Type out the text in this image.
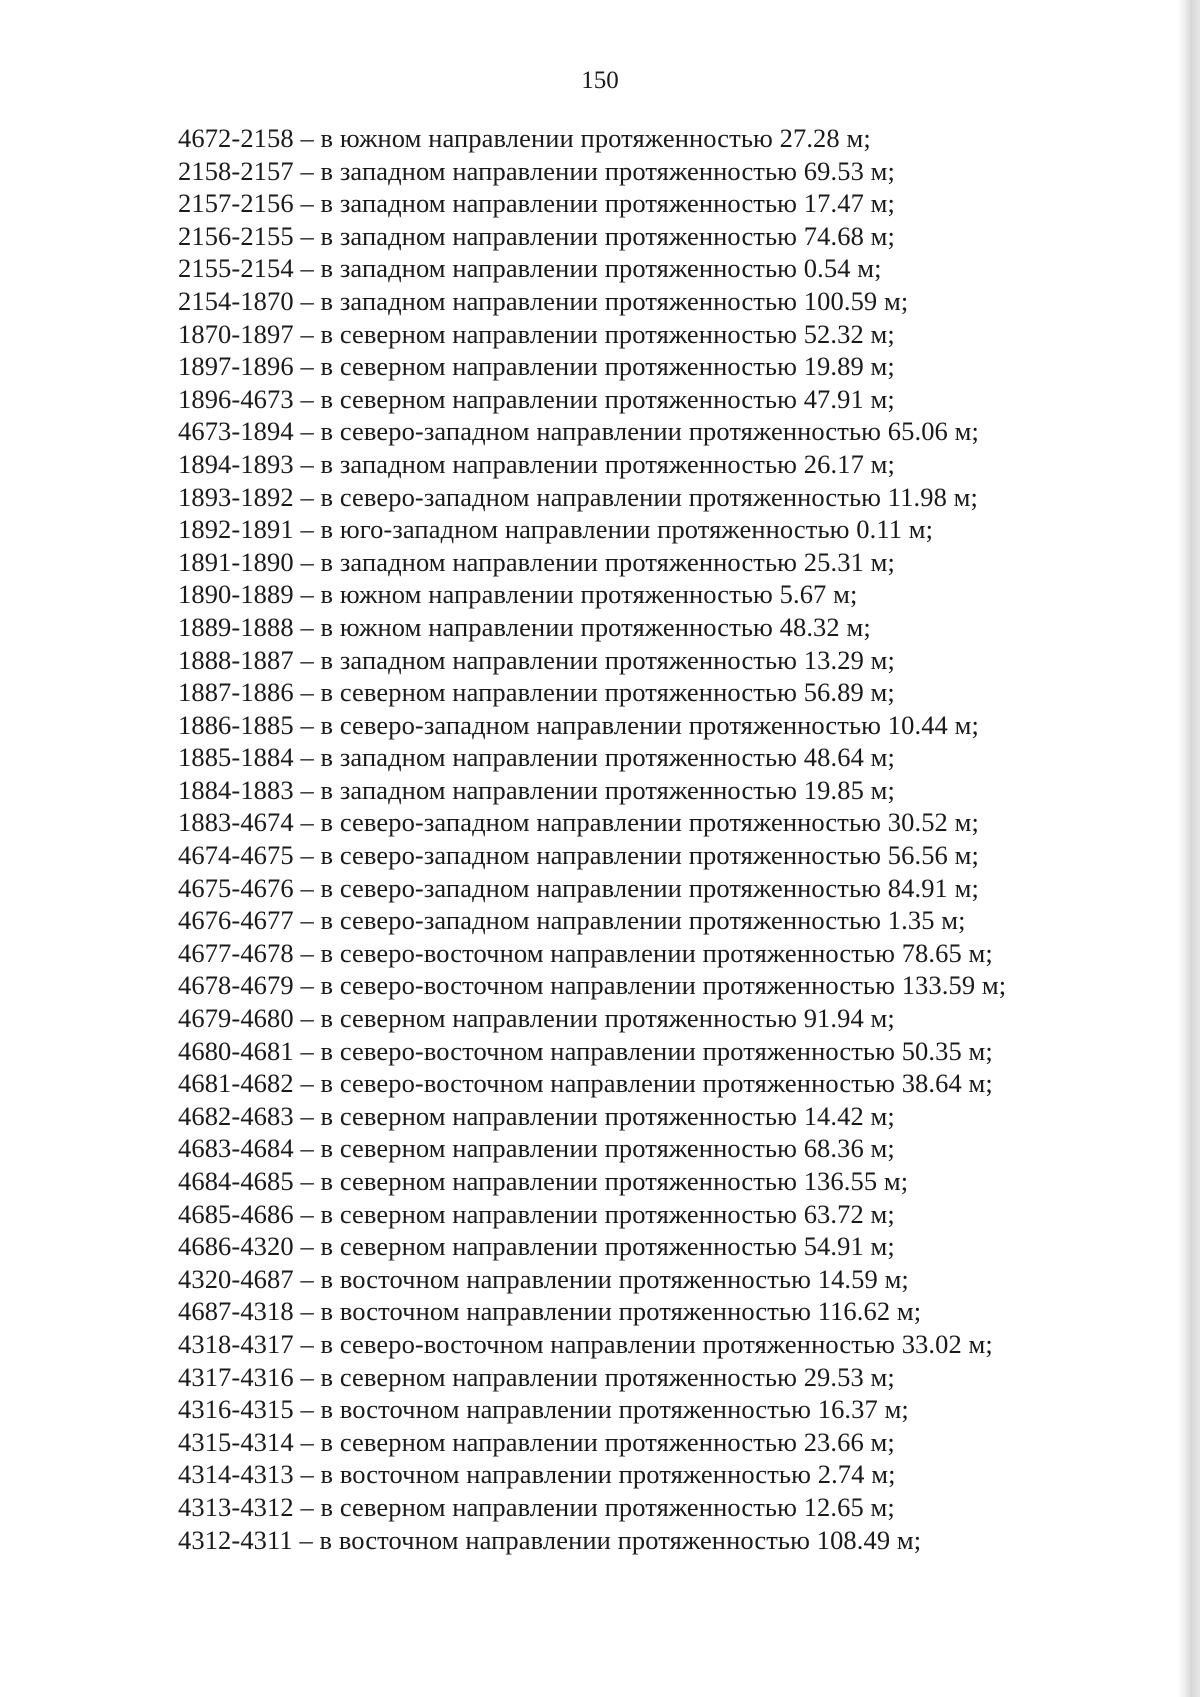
150
4672-2158 – в южном направлении протяженностью 27.28 м;
2158-2157 – в западном направлении протяженностью 69.53 м;
2157-2156 – в западном направлении протяженностью 17.47 м;
2156-2155 – в западном направлении протяженностью 74.68 м;
2155-2154 – в западном направлении протяженностью 0.54 м;
2154-1870 – в западном направлении протяженностью 100.59 м;
1870-1897 – в северном направлении протяженностью 52.32 м;
1897-1896 – в северном направлении протяженностью 19.89 м;
1896-4673 – в северном направлении протяженностью 47.91 м;
4673-1894 – в северо-западном направлении протяженностью 65.06 м;
1894-1893 – в западном направлении протяженностью 26.17 м;
1893-1892 – в северо-западном направлении протяженностью 11.98 м;
1892-1891 – в юго-западном направлении протяженностью 0.11 м;
1891-1890 – в западном направлении протяженностью 25.31 м;
1890-1889 – в южном направлении протяженностью 5.67 м;
1889-1888 – в южном направлении протяженностью 48.32 м;
1888-1887 – в западном направлении протяженностью 13.29 м;
1887-1886 – в северном направлении протяженностью 56.89 м;
1886-1885 – в северо-западном направлении протяженностью 10.44 м;
1885-1884 – в западном направлении протяженностью 48.64 м;
1884-1883 – в западном направлении протяженностью 19.85 м;
1883-4674 – в северо-западном направлении протяженностью 30.52 м;
4674-4675 – в северо-западном направлении протяженностью 56.56 м;
4675-4676 – в северо-западном направлении протяженностью 84.91 м;
4676-4677 – в северо-западном направлении протяженностью 1.35 м;
4677-4678 – в северо-восточном направлении протяженностью 78.65 м;
4678-4679 – в северо-восточном направлении протяженностью 133.59 м;
4679-4680 – в северном направлении протяженностью 91.94 м;
4680-4681 – в северо-восточном направлении протяженностью 50.35 м;
4681-4682 – в северо-восточном направлении протяженностью 38.64 м;
4682-4683 – в северном направлении протяженностью 14.42 м;
4683-4684 – в северном направлении протяженностью 68.36 м;
4684-4685 – в северном направлении протяженностью 136.55 м;
4685-4686 – в северном направлении протяженностью 63.72 м;
4686-4320 – в северном направлении протяженностью 54.91 м;
4320-4687 – в восточном направлении протяженностью 14.59 м;
4687-4318 – в восточном направлении протяженностью 116.62 м;
4318-4317 – в северо-восточном направлении протяженностью 33.02 м;
4317-4316 – в северном направлении протяженностью 29.53 м;
4316-4315 – в восточном направлении протяженностью 16.37 м;
4315-4314 – в северном направлении протяженностью 23.66 м;
4314-4313 – в восточном направлении протяженностью 2.74 м;
4313-4312 – в северном направлении протяженностью 12.65 м;
4312-4311 – в восточном направлении протяженностью 108.49 м;
